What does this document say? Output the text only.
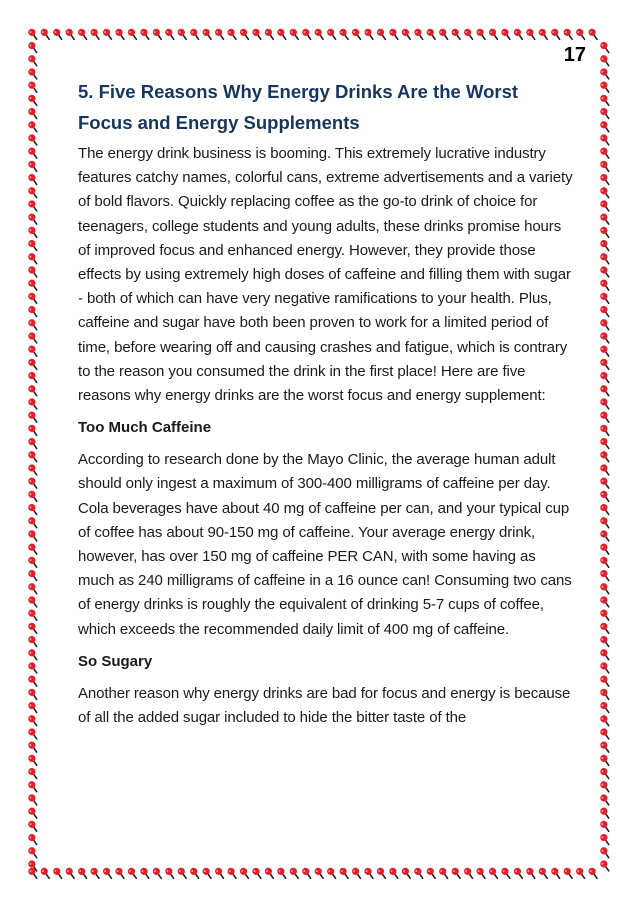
17
5. Five Reasons Why Energy Drinks Are the Worst Focus and Energy Supplements

The energy drink business is booming. This extremely lucrative industry features catchy names, colorful cans, extreme advertisements and a variety of bold flavors. Quickly replacing coffee as the go-to drink of choice for teenagers, college students and young adults, these drinks promise hours of improved focus and enhanced energy. However, they provide those effects by using extremely high doses of caffeine and filling them with sugar - both of which can have very negative ramifications to your health. Plus, caffeine and sugar have both been proven to work for a limited period of time, before wearing off and causing crashes and fatigue, which is contrary to the reason you consumed the drink in the first place! Here are five reasons why energy drinks are the worst focus and energy supplement:

Too Much Caffeine

According to research done by the Mayo Clinic, the average human adult should only ingest a maximum of 300-400 milligrams of caffeine per day. Cola beverages have about 40 mg of caffeine per can, and your typical cup of coffee has about 90-150 mg of caffeine. Your average energy drink, however, has over 150 mg of caffeine PER CAN, with some having as much as 240 milligrams of caffeine in a 16 ounce can! Consuming two cans of energy drinks is roughly the equivalent of drinking 5-7 cups of coffee, which exceeds the recommended daily limit of 400 mg of caffeine.

So Sugary

Another reason why energy drinks are bad for focus and energy is because of all the added sugar included to hide the bitter taste of the
